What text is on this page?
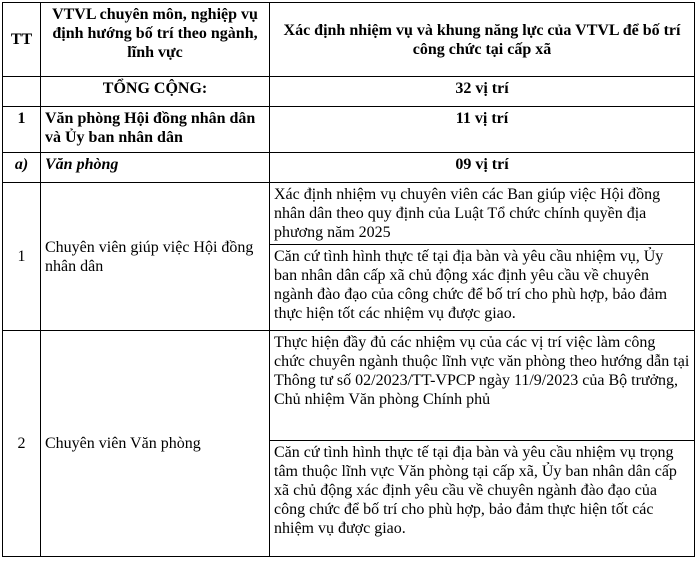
TT	VTVL chuyên môn, nghiệp vụ định hướng bố trí theo ngành, lĩnh vực	Xác định nhiệm vụ và khung năng lực của VTVL để bố trí công chức tại cấp xã
	TỔNG CỘNG:	32 vị trí
1	Văn phòng Hội đồng nhân dân và Ủy ban nhân dân	11 vị trí
a)	Văn phòng	09 vị trí
1	Chuyên viên giúp việc Hội đồng nhân dân	Xác định nhiệm vụ chuyên viên các Ban giúp việc Hội đồng nhân dân theo quy định của Luật Tổ chức chính quyền địa phương năm 2025
		Căn cứ tình hình thực tế tại địa bàn và yêu cầu nhiệm vụ, Ủy ban nhân dân cấp xã chủ động xác định yêu cầu về chuyên ngành đào đạo của công chức để bố trí cho phù hợp, bảo đảm thực hiện tốt các nhiệm vụ được giao.
2	Chuyên viên Văn phòng	Thực hiện đầy đủ các nhiệm vụ của các vị trí việc làm công chức chuyên ngành thuộc lĩnh vực văn phòng theo hướng dẫn tại Thông tư số 02/2023/TT-VPCP ngày 11/9/2023 của Bộ trưởng, Chủ nhiệm Văn phòng Chính phủ
		Căn cứ tình hình thực tế tại địa bàn và yêu cầu nhiệm vụ trọng tâm thuộc lĩnh vực Văn phòng tại cấp xã, Ủy ban nhân dân cấp xã chủ động xác định yêu cầu về chuyên ngành đào đạo của công chức để bố trí cho phù hợp, bảo đảm thực hiện tốt các nhiệm vụ được giao.
